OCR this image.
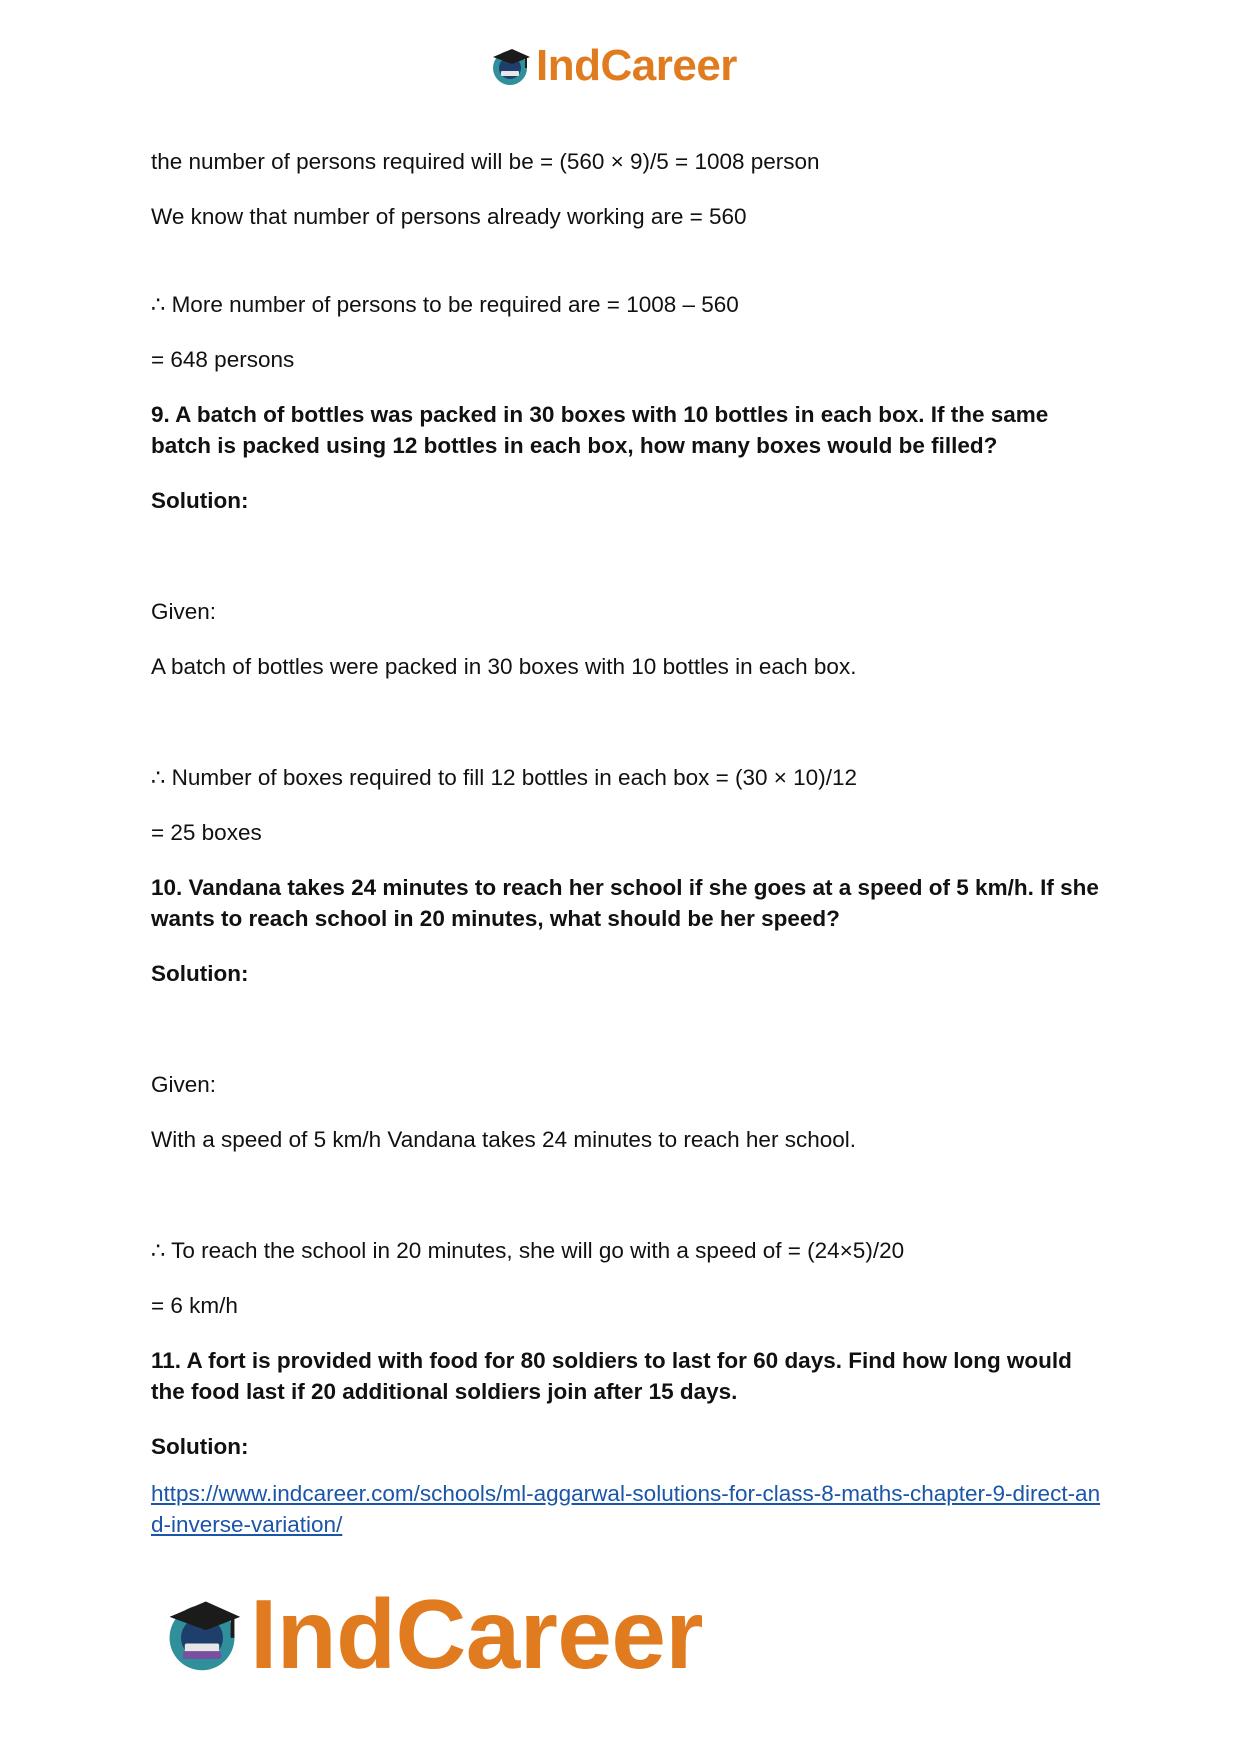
IndCareer

the number of persons required will be = (560 × 9)/5 = 1008 person

We know that number of persons already working are = 560

∴ More number of persons to be required are = 1008 – 560

= 648 persons

9. A batch of bottles was packed in 30 boxes with 10 bottles in each box. If the same batch is packed using 12 bottles in each box, how many boxes would be filled?

Solution:

Given:

A batch of bottles were packed in 30 boxes with 10 bottles in each box.

∴ Number of boxes required to fill 12 bottles in each box = (30 × 10)/12

= 25 boxes

10. Vandana takes 24 minutes to reach her school if she goes at a speed of 5 km/h. If she wants to reach school in 20 minutes, what should be her speed?

Solution:

Given:

With a speed of 5 km/h Vandana takes 24 minutes to reach her school.

∴ To reach the school in 20 minutes, she will go with a speed of = (24×5)/20

= 6 km/h

11. A fort is provided with food for 80 soldiers to last for 60 days. Find how long would the food last if 20 additional soldiers join after 15 days.

Solution:

https://www.indcareer.com/schools/ml-aggarwal-solutions-for-class-8-maths-chapter-9-direct-and-inverse-variation/
IndCareer
